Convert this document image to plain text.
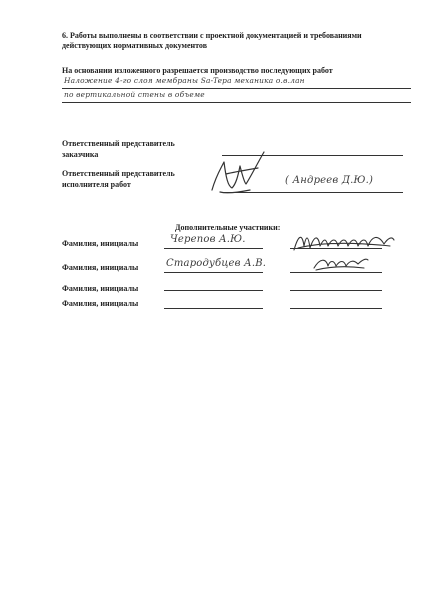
6. Работы выполнены в соответствии с проектной документацией и требованиями
действующих нормативных документов
На основании изложенного разрешается производство последующих работ
Наложение 4-го слоя мембраны Sa-Tepa механика о.в.лан
по вертикальной стены в объеме
Ответственный представитель
заказчика
Ответственный представитель
исполнителя работ	( Андреев Д.Ю.)
Дополнительные участники:
Фамилия, инициалы	Черепов А.Ю.
Фамилия, инициалы	Стародубцев А.В.
Фамилия, инициалы
Фамилия, инициалы
